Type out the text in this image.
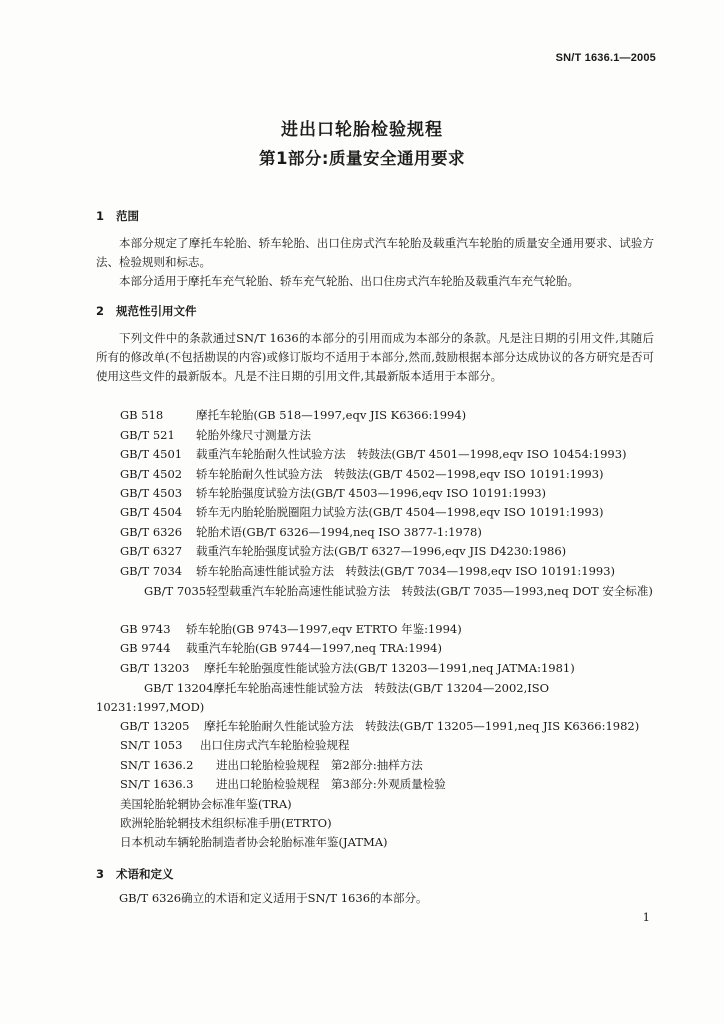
SN/T 1636.1—2005
进出口轮胎检验规程
第1部分:质量安全通用要求
1 范围
本部分规定了摩托车轮胎、轿车轮胎、出口住房式汽车轮胎及载重汽车轮胎的质量安全通用要求、试验方法、检验规则和标志。
本部分适用于摩托车充气轮胎、轿车充气轮胎、出口住房式汽车轮胎及载重汽车充气轮胎。
2 规范性引用文件
下列文件中的条款通过SN/T 1636的本部分的引用而成为本部分的条款。凡是注日期的引用文件,其随后所有的修改单(不包括勘误的内容)或修订版均不适用于本部分,然而,鼓励根据本部分达成协议的各方研究是否可使用这些文件的最新版本。凡是不注日期的引用文件,其最新版本适用于本部分。
GB 518	摩托车轮胎(GB 518—1997,eqv JIS K6366:1994)
GB/T 521 轮胎外缘尺寸测量方法
GB/T 4501 载重汽车轮胎耐久性试验方法　转鼓法(GB/T 4501—1998,eqv ISO 10454:1993)
GB/T 4502 轿车轮胎耐久性试验方法　转鼓法(GB/T 4502—1998,eqv ISO 10191:1993)
GB/T 4503 轿车轮胎强度试验方法(GB/T 4503—1996,eqv ISO 10191:1993)
GB/T 4504 轿车无内胎轮胎脱圈阻力试验方法(GB/T 4504—1998,eqv ISO 10191:1993)
GB/T 6326 轮胎术语(GB/T 6326—1994,neq ISO 3877-1:1978)
GB/T 6327 载重汽车轮胎强度试验方法(GB/T 6327—1996,eqv JIS D4230:1986)
GB/T 7034 轿车轮胎高速性能试验方法　转鼓法(GB/T 7034—1998,eqv ISO 10191:1993)
GB/T 7035轻型载重汽车轮胎高速性能试验方法　转鼓法(GB/T 7035—1993,neq DOT 安全标准)
GB 9743 轿车轮胎(GB 9743—1997,eqv ETRTO 年鉴:1994)
GB 9744 载重汽车轮胎(GB 9744—1997,neq TRA:1994)
GB/T 13203 摩托车轮胎强度性能试验方法(GB/T 13203—1991,neq JATMA:1981)
GB/T 13204摩托车轮胎高速性能试验方法　转鼓法(GB/T 13204—2002,ISO 10231:1997,MOD)
GB/T 13205 摩托车轮胎耐久性能试验方法　转鼓法(GB/T 13205—1991,neq JIS K6366:1982)
SN/T 1053 出口住房式汽车轮胎检验规程
SN/T 1636.2 进出口轮胎检验规程　第2部分:抽样方法
SN/T 1636.3 进出口轮胎检验规程　第3部分:外观质量检验
美国轮胎轮辋协会标准年鉴(TRA)
欧洲轮胎轮辋技术组织标准手册(ETRTO)
日本机动车辆轮胎制造者协会轮胎标准年鉴(JATMA)
3 术语和定义
GB/T 6326确立的术语和定义适用于SN/T 1636的本部分。
1
